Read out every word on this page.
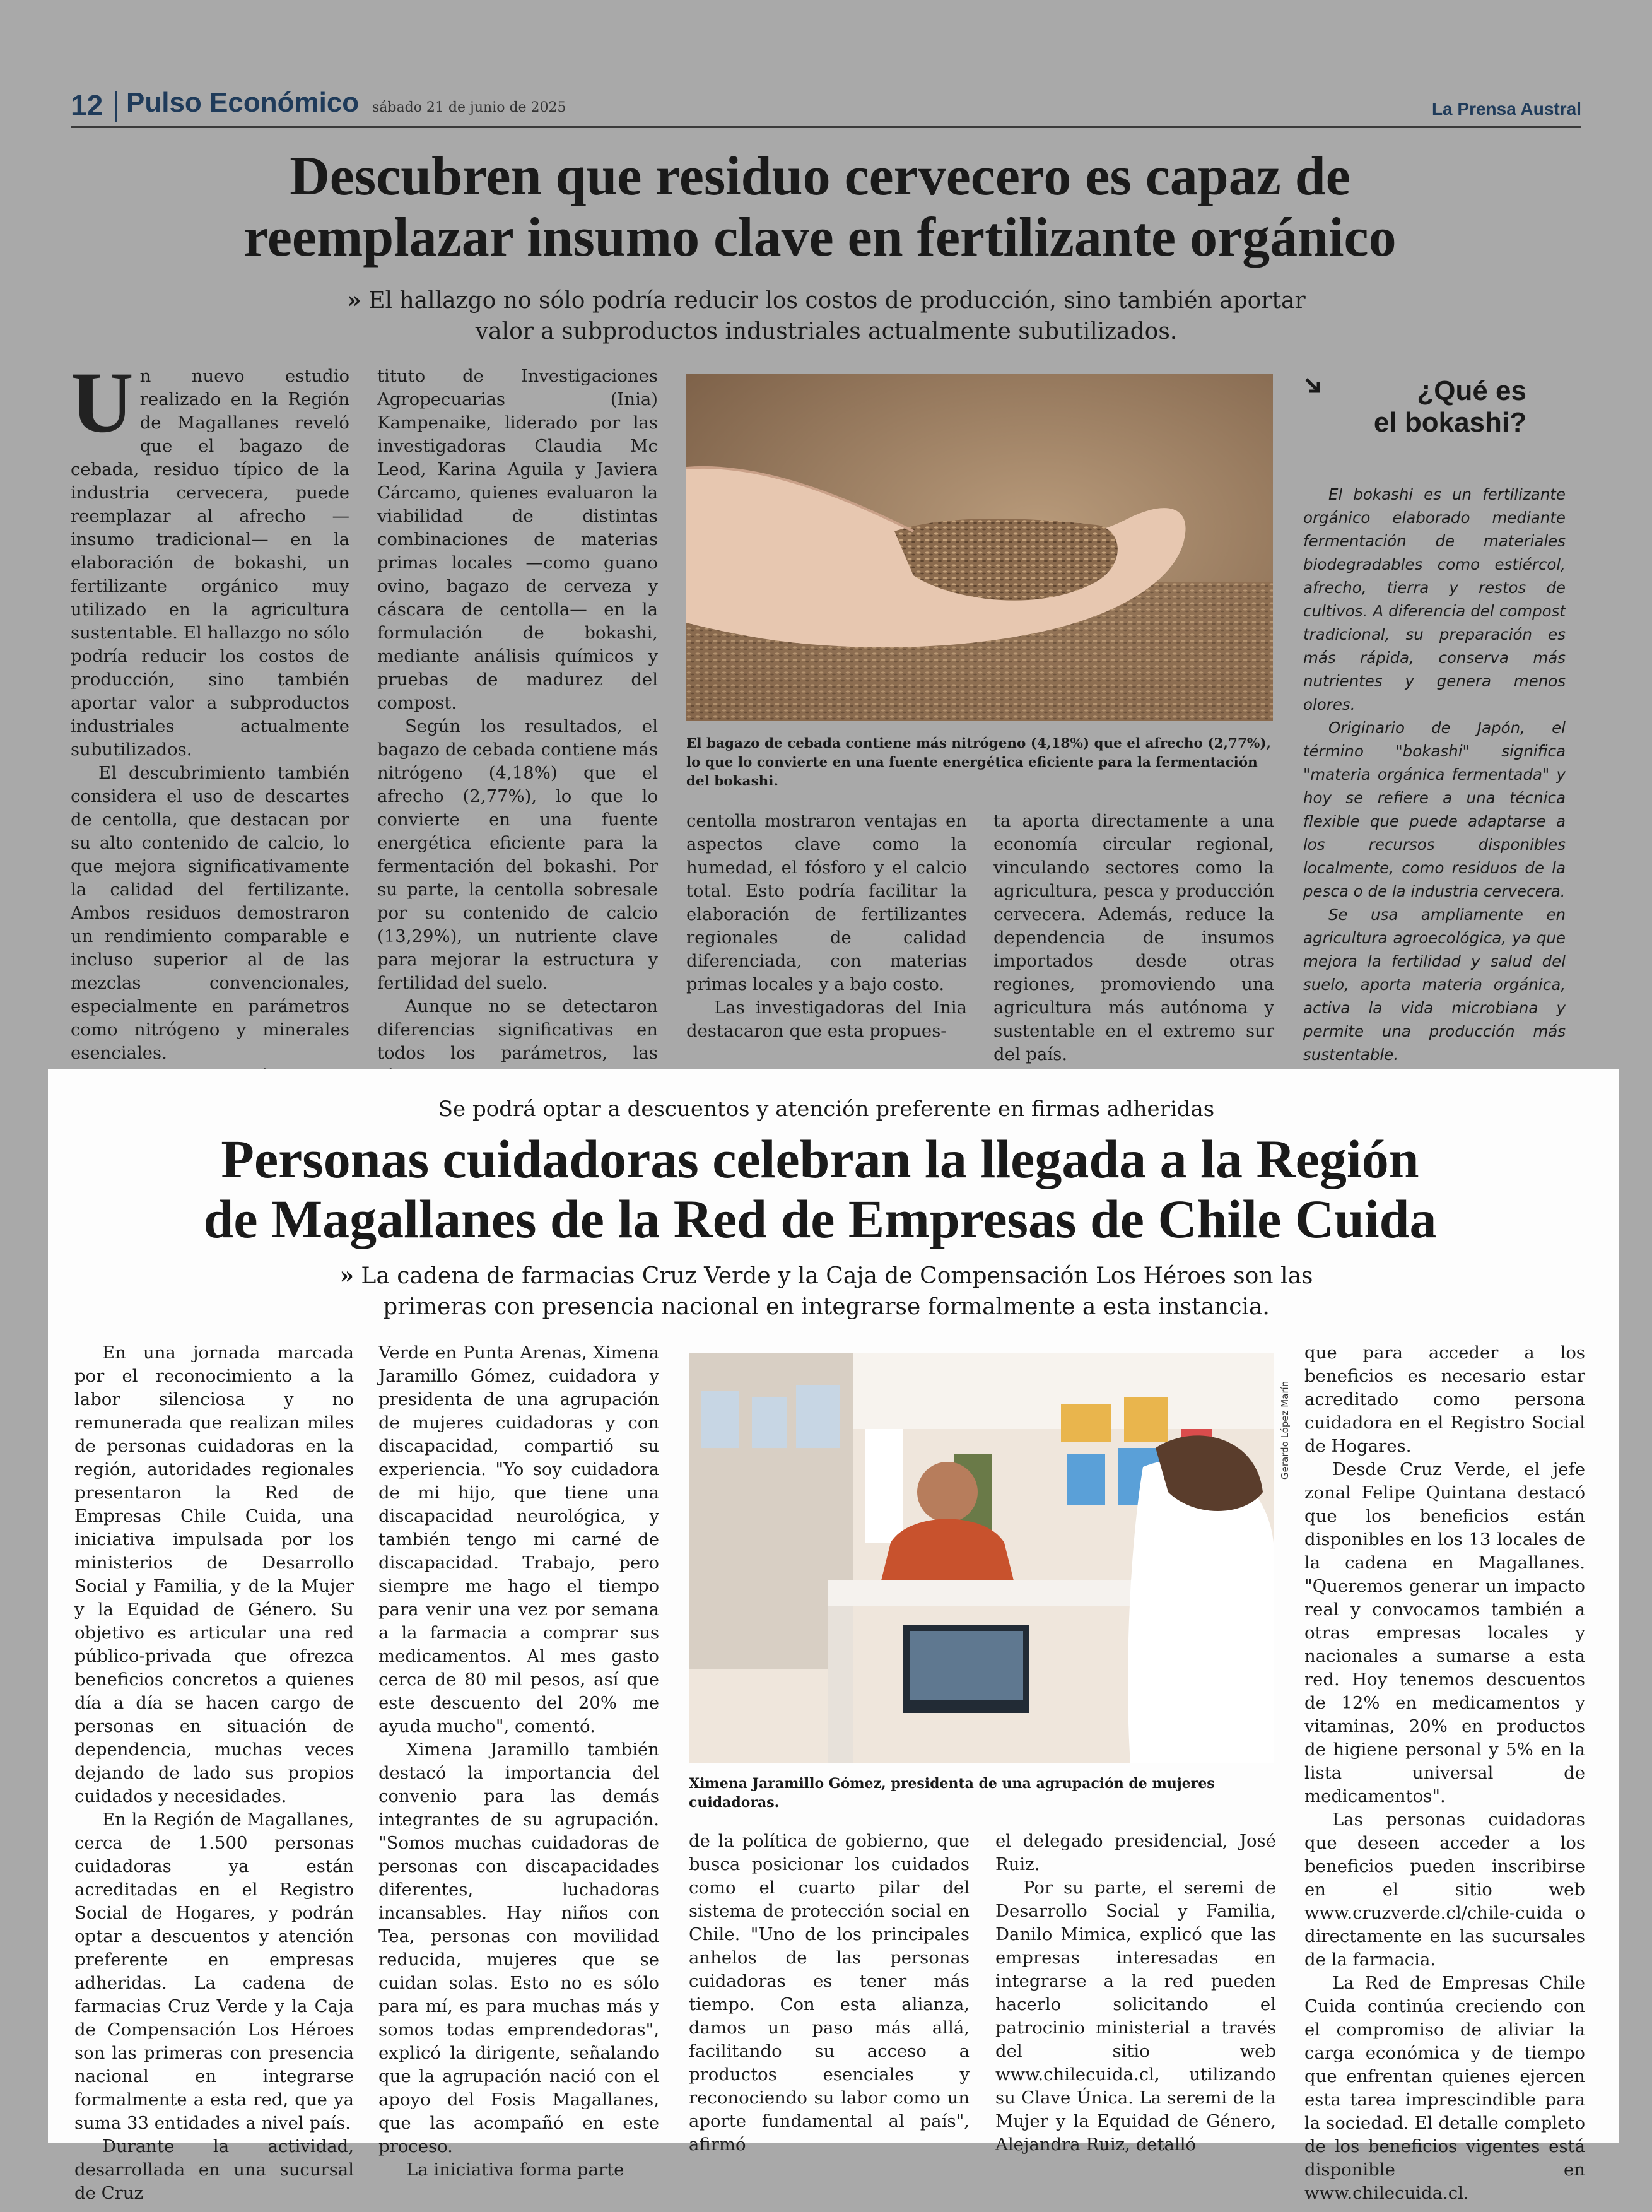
12 Pulso Económico sábado 21 de junio de 2025	La Prensa Austral
Descubren que residuo cervecero es capaz de
reemplazar insumo clave en fertilizante orgánico
» El hallazgo no sólo podría reducir los costos de producción, sino también aportar
valor a subproductos industriales actualmente subutilizados.

Un nuevo estudio realizado en la Región de Magallanes reveló que el bagazo de cebada, residuo típico de la industria cervecera, puede reemplazar al afrecho —insumo tradicional— en la elaboración de bokashi, un fertilizante orgánico muy utilizado en la agricultura sustentable. El hallazgo no sólo podría reducir los costos de producción, sino también aportar valor a subproductos industriales actualmente subutilizados.

El descubrimiento también considera el uso de descartes de centolla, que destacan por su alto contenido de calcio, lo que mejora significativamente la calidad del fertilizante. Ambos residuos demostraron un rendimiento comparable e incluso superior al de las mezclas convencionales, especialmente en parámetros como nitrógeno y minerales esenciales.

tituto de Investigaciones Agropecuarias (Inia) Kampenaike, liderado por las investigadoras Claudia Mc Leod, Karina Aguila y Javiera Cárcamo, quienes evaluaron la viabilidad de distintas combinaciones de materias primas locales —como guano ovino, bagazo de cerveza y cáscara de centolla— en la formulación de bokashi, mediante análisis químicos y pruebas de madurez del compost.

Según los resultados, el bagazo de cebada contiene más nitrógeno (4,18%) que el afrecho (2,77%), lo que lo convierte en una fuente energética eficiente para la fermentación del bokashi. Por su parte, la centolla sobresale por su contenido de calcio (13,29%), un nutriente clave para mejorar la estructura y fertilidad del suelo.

Aunque no se detectaron diferencias significativas en todos los parámetros, las

El bagazo de cebada contiene más nitrógeno (4,18%) que el afrecho (2,77%), lo que lo convierte en una fuente energética eficiente para la fermentación del bokashi.

centolla mostraron ventajas en aspectos clave como la humedad, el fósforo y el calcio total. Esto podría facilitar la elaboración de fertilizantes regionales de calidad diferenciada, con materias primas locales y a bajo costo.

Las investigadoras del Inia destacaron que esta propues-

ta aporta directamente a una economía circular regional, vinculando sectores como la agricultura, pesca y producción cervecera. Además, reduce la dependencia de insumos importados desde otras regiones, promoviendo una agricultura más autónoma y sustentable en el extremo sur del país.

¿Qué es
el bokashi?

El bokashi es un fertilizante orgánico elaborado mediante fermentación de materiales biodegradables como estiércol, afrecho, tierra y restos de cultivos. A diferencia del compost tradicional, su preparación es más rápida, conserva más nutrientes y genera menos olores.

Originario de Japón, el término "bokashi" significa "materia orgánica fermentada" y hoy se refiere a una técnica flexible que puede adaptarse a los recursos disponibles localmente, como residuos de la pesca o de la industria cervecera.

Se usa ampliamente en agricultura agroecológica, ya que mejora la fertilidad y salud del suelo, aporta materia orgánica, activa la vida microbiana y permite una producción más sustentable.

Se podrá optar a descuentos y atención preferente en firmas adheridas
Personas cuidadoras celebran la llegada a la Región
de Magallanes de la Red de Empresas de Chile Cuida
» La cadena de farmacias Cruz Verde y la Caja de Compensación Los Héroes son las
primeras con presencia nacional en integrarse formalmente a esta instancia.

En una jornada marcada por el reconocimiento a la labor silenciosa y no remunerada que realizan miles de personas cuidadoras en la región, autoridades regionales presentaron la Red de Empresas Chile Cuida, una iniciativa impulsada por los ministerios de Desarrollo Social y Familia, y de la Mujer y la Equidad de Género. Su objetivo es articular una red público-privada que ofrezca beneficios concretos a quienes día a día se hacen cargo de personas en situación de dependencia, muchas veces dejando de lado sus propios cuidados y necesidades.

En la Región de Magallanes, cerca de 1.500 personas cuidadoras ya están acreditadas en el Registro Social de Hogares, y podrán optar a descuentos y atención preferente en empresas adheridas. La cadena de farmacias Cruz Verde y la Caja de Compensación Los Héroes son las primeras con presencia nacional en integrarse formalmente a esta red, que ya suma 33 entidades a nivel país.

Durante la actividad, desarrollada en una sucursal de Cruz

Verde en Punta Arenas, Ximena Jaramillo Gómez, cuidadora y presidenta de una agrupación de mujeres cuidadoras y con discapacidad, compartió su experiencia. "Yo soy cuidadora de mi hijo, que tiene una discapacidad neurológica, y también tengo mi carné de discapacidad. Trabajo, pero siempre me hago el tiempo para venir una vez por semana a la farmacia a comprar sus medicamentos. Al mes gasto cerca de 80 mil pesos, así que este descuento del 20% me ayuda mucho", comentó.

Ximena Jaramillo también destacó la importancia del convenio para las demás integrantes de su agrupación. "Somos muchas cuidadoras de personas con discapacidades diferentes, luchadoras incansables. Hay niños con Tea, personas con movilidad reducida, mujeres que se cuidan solas. Esto no es sólo para mí, es para muchas más y somos todas emprendedoras", explicó la dirigente, señalando que la agrupación nació con el apoyo del Fosis Magallanes, que las acompañó en este proceso.

La iniciativa forma parte

Ximena Jaramillo Gómez, presidenta de una agrupación de mujeres cuidadoras.
Gerardo López Marín

de la política de gobierno, que busca posicionar los cuidados como el cuarto pilar del sistema de protección social en Chile. "Uno de los principales anhelos de las personas cuidadoras es tener más tiempo. Con esta alianza, damos un paso más allá, facilitando su acceso a productos esenciales y reconociendo su labor como un aporte fundamental al país", afirmó

el delegado presidencial, José Ruiz.

Por su parte, el seremi de Desarrollo Social y Familia, Danilo Mimica, explicó que las empresas interesadas en integrarse a la red pueden hacerlo solicitando el patrocinio ministerial a través del sitio web www.chilecuida.cl, utilizando su Clave Única. La seremi de la Mujer y la Equidad de Género, Alejandra Ruiz, detalló

que para acceder a los beneficios es necesario estar acreditado como persona cuidadora en el Registro Social de Hogares.

Desde Cruz Verde, el jefe zonal Felipe Quintana destacó que los beneficios están disponibles en los 13 locales de la cadena en Magallanes. "Queremos generar un impacto real y convocamos también a otras empresas locales y nacionales a sumarse a esta red. Hoy tenemos descuentos de 12% en medicamentos y vitaminas, 20% en productos de higiene personal y 5% en la lista universal de medicamentos".

Las personas cuidadoras que deseen acceder a los beneficios pueden inscribirse en el sitio web www.cruzverde.cl/chile-cuida o directamente en las sucursales de la farmacia.

La Red de Empresas Chile Cuida continúa creciendo con el compromiso de aliviar la carga económica y de tiempo que enfrentan quienes ejercen esta tarea imprescindible para la sociedad. El detalle completo de los beneficios vigentes está disponible en www.chilecuida.cl.
